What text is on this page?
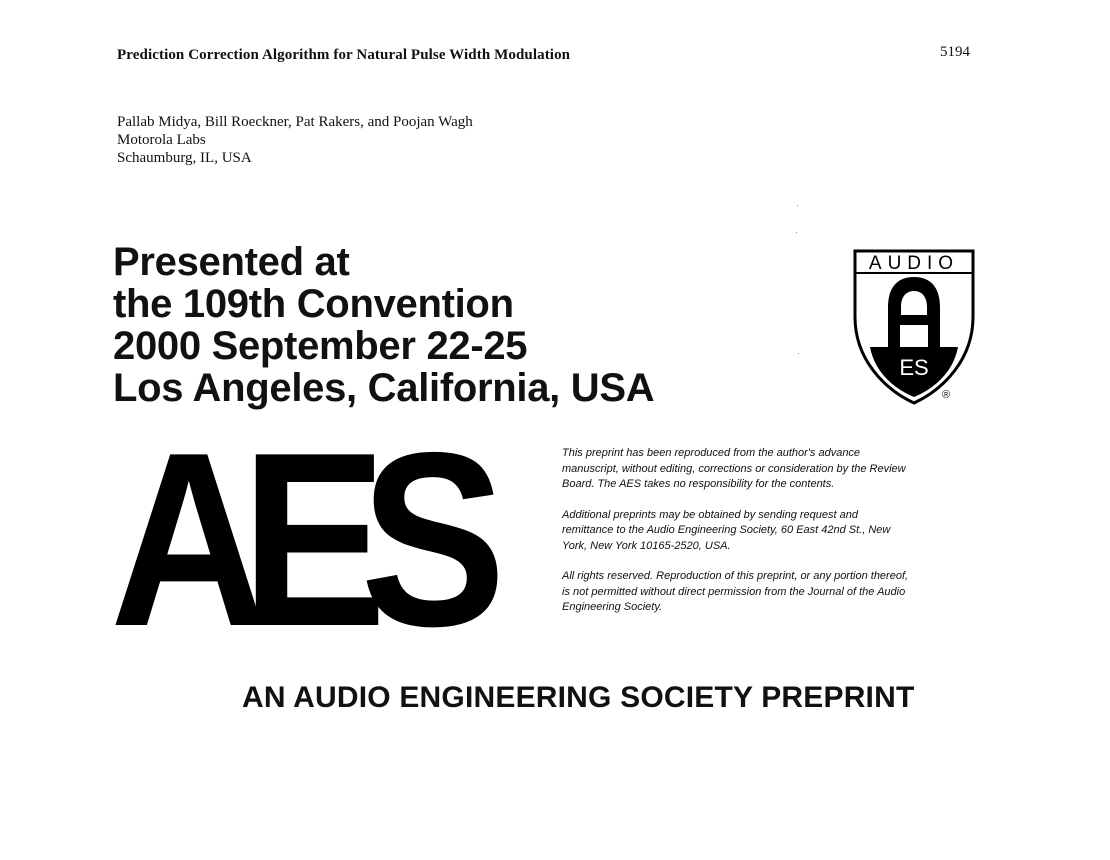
Prediction Correction Algorithm for Natural Pulse Width Modulation	5194
Pallab Midya, Bill Roeckner, Pat Rakers, and Poojan Wagh
Motorola Labs
Schaumburg, IL, USA
Presented at
the 109th Convention
2000 September 22-25
Los Angeles, California, USA
AUDIO
ES
®
AES	This preprint has been reproduced from the author's advance manuscript, without editing, corrections or consideration by the Review Board. The AES takes no responsibility for the contents.

Additional preprints may be obtained by sending request and remittance to the Audio Engineering Society, 60 East 42nd St., New York, New York 10165-2520, USA.

All rights reserved. Reproduction of this preprint, or any portion thereof, is not permitted without direct permission from the Journal of the Audio Engineering Society.

AN AUDIO ENGINEERING SOCIETY PREPRINT
